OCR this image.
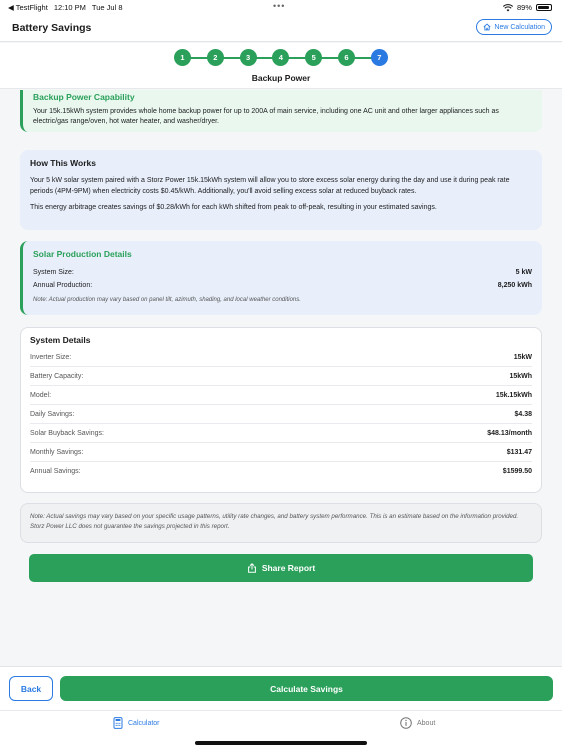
◀ TestFlight 12:10 PM Tue Jul 8	•••	89%
Battery Savings	New Calculation
1	2	3	4	5	6	7
Backup Power
Backup Power Capability
Your 15k.15kWh system provides whole home backup power for up to 200A of main service, including one AC unit and other larger appliances such as electric/gas range/oven, hot water heater, and washer/dryer.
How This Works
Your 5 kW solar system paired with a Storz Power 15k.15kWh system will allow you to store excess solar energy during the day and use it during peak rate periods (4PM-9PM) when electricity costs $0.45/kWh. Additionally, you'll avoid selling excess solar at reduced buyback rates.
This energy arbitrage creates savings of $0.28/kWh for each kWh shifted from peak to off-peak, resulting in your estimated savings.
Solar Production Details
System Size:	5 kW
Annual Production:	8,250 kWh
Note: Actual production may vary based on panel tilt, azimuth, shading, and local weather conditions.
System Details
Inverter Size:	15kW
Battery Capacity:	15kWh
Model:	15k.15kWh
Daily Savings:	$4.38
Solar Buyback Savings:	$48.13/month
Monthly Savings:	$131.47
Annual Savings:	$1599.50
Note: Actual savings may vary based on your specific usage patterns, utility rate changes, and battery system performance. This is an estimate based on the information provided. Storz Power LLC does not guarantee the savings projected in this report.
Share Report
Back	Calculate Savings
Calculator	About
